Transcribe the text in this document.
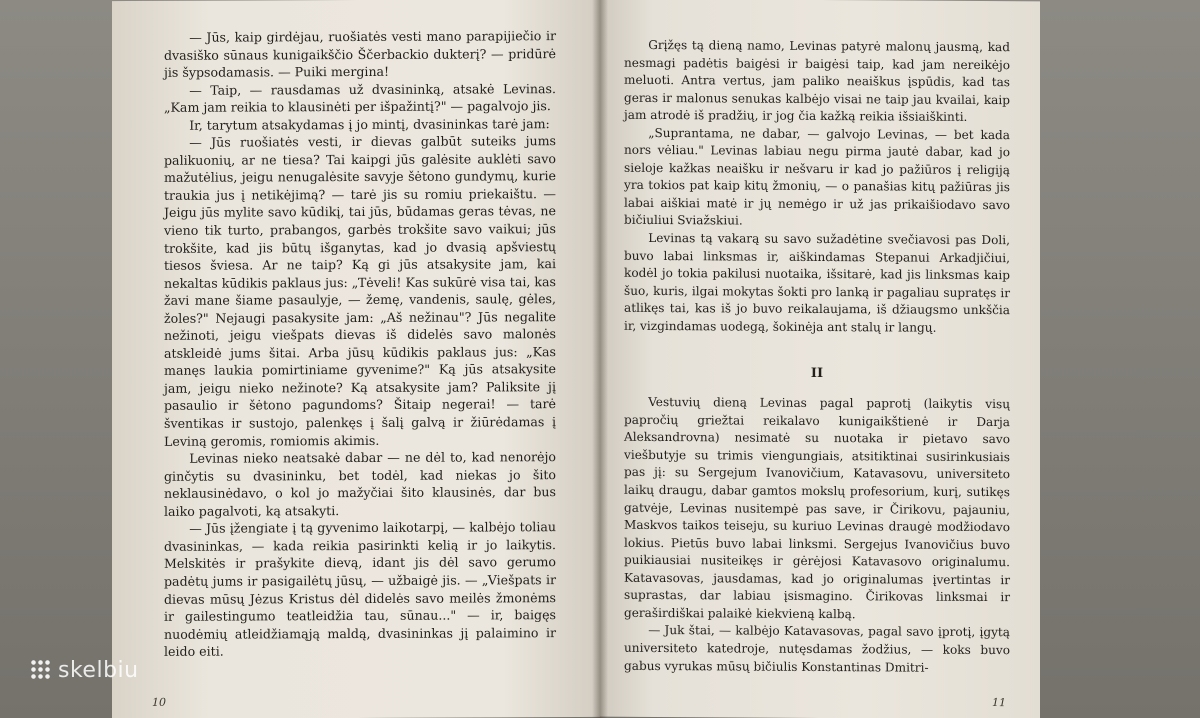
— Jūs, kaip girdėjau, ruošiatės vesti mano parapijiečio ir dvasiško sūnaus kunigaikščio Ščerbackio dukterį? — pridūrė jis šypsodamasis. — Puiki mergina!

— Taip, — rausdamas už dvasininką, atsakė Levinas. „Kam jam reikia to klausinėti per išpažintį?" — pagalvojo jis.

Ir, tarytum atsakydamas į jo mintį, dvasininkas tarė jam:

— Jūs ruošiatės vesti, ir dievas galbūt suteiks jums palikuonių, ar ne tiesa? Tai kaipgi jūs galėsite auklėti savo mažutėlius, jeigu nenugalėsite savyje šėtono gundymų, kurie traukia jus į netikėjimą? — tarė jis su romiu priekaištu. — Jeigu jūs mylite savo kūdikį, tai jūs, būdamas geras tėvas, ne vieno tik turto, prabangos, garbės trokšite savo vaikui; jūs trokšite, kad jis būtų išganytas, kad jo dvasią apšviestų tiesos šviesa. Ar ne taip? Ką gi jūs atsakysite jam, kai nekaltas kūdikis paklaus jus: „Tėveli! Kas sukūrė visa tai, kas žavi mane šiame pasaulyje, — žemę, vandenis, saulę, gėles, žoles?" Nejaugi pasakysite jam: „Aš nežinau"? Jūs negalite nežinoti, jeigu viešpats dievas iš didelės savo malonės atskleidė jums šitai. Arba jūsų kūdikis paklaus jus: „Kas manęs laukia pomirtiniame gyvenime?" Ką jūs atsakysite jam, jeigu nieko nežinote? Ką atsakysite jam? Paliksite jį pasaulio ir šėtono pagundoms? Šitaip negerai! — tarė šventikas ir sustojo, palenkęs į šalį galvą ir žiūrėdamas į Leviną geromis, romiomis akimis.

Levinas nieko neatsakė dabar — ne dėl to, kad nenorėjo ginčytis su dvasininku, bet todėl, kad niekas jo šito neklausinėdavo, o kol jo mažyčiai šito klausinės, dar bus laiko pagalvoti, ką atsakyti.

— Jūs įžengiate į tą gyvenimo laikotarpį, — kalbėjo toliau dvasininkas, — kada reikia pasirinkti kelią ir jo laikytis. Melskitės ir prašykite dievą, idant jis dėl savo gerumo padėtų jums ir pasigailėtų jūsų, — užbaigė jis. — „Viešpats ir dievas mūsų Jėzus Kristus dėl didelės savo meilės žmonėms ir gailestingumo teatleidžia tau, sūnau..." — ir, baigęs nuodėmių atleidžiamąją maldą, dvasininkas jį palaimino ir leido eiti.

10

Grįžęs tą dieną namo, Levinas patyrė malonų jausmą, kad nesmagi padėtis baigėsi ir baigėsi taip, kad jam nereikėjo meluoti. Antra vertus, jam paliko neaiškus įspūdis, kad tas geras ir malonus senukas kalbėjo visai ne taip jau kvailai, kaip jam atrodė iš pradžių, ir jog čia kažką reikia išsiaiškinti.

„Suprantama, ne dabar, — galvojo Levinas, — bet kada nors vėliau." Levinas labiau negu pirma jautė dabar, kad jo sieloje kažkas neaišku ir nešvaru ir kad jo pažiūros į religiją yra tokios pat kaip kitų žmonių, — o panašias kitų pažiūras jis labai aiškiai matė ir jų nemėgo ir už jas prikaišiodavo savo bičiuliui Sviažskiui.

Levinas tą vakarą su savo sužadėtine svečiavosi pas Doli, buvo labai linksmas ir, aiškindamas Stepanui Arkadjičiui, kodėl jo tokia pakilusi nuotaika, išsitarė, kad jis linksmas kaip šuo, kuris, ilgai mokytas šokti pro lanką ir pagaliau supratęs ir atlikęs tai, kas iš jo buvo reikalaujama, iš džiaugsmo unkščia ir, vizgindamas uodegą, šokinėja ant stalų ir langų.

II

Vestuvių dieną Levinas pagal paprotį (laikytis visų papročių griežtai reikalavo kunigaikštienė ir Darja Aleksandrovna) nesimatė su nuotaka ir pietavo savo viešbutyje su trimis viengungiais, atsitiktinai susirinkusiais pas jį: su Sergejum Ivanovičium, Katavasovu, universiteto laikų draugu, dabar gamtos mokslų profesorium, kurį, sutikęs gatvėje, Levinas nusitempė pas save, ir Čirikovu, pajauniu, Maskvos taikos teiseju, su kuriuo Levinas draugė modžiodavo lokius. Pietūs buvo labai linksmi. Sergejus Ivanovičius buvo puikiausiai nusiteikęs ir gėrėjosi Katavasovo originalumu. Katavasovas, jausdamas, kad jo originalumas įvertintas ir suprastas, dar labiau įsismagino. Čirikovas linksmai ir geraširdiškai palaikė kiekvieną kalbą.

— Juk štai, — kalbėjo Katavasovas, pagal savo įprotį, įgytą universiteto katedroje, nutęsdamas žodžius, — koks buvo gabus vyrukas mūsų bičiulis Konstantinas Dmitri-

11
skelbiu
